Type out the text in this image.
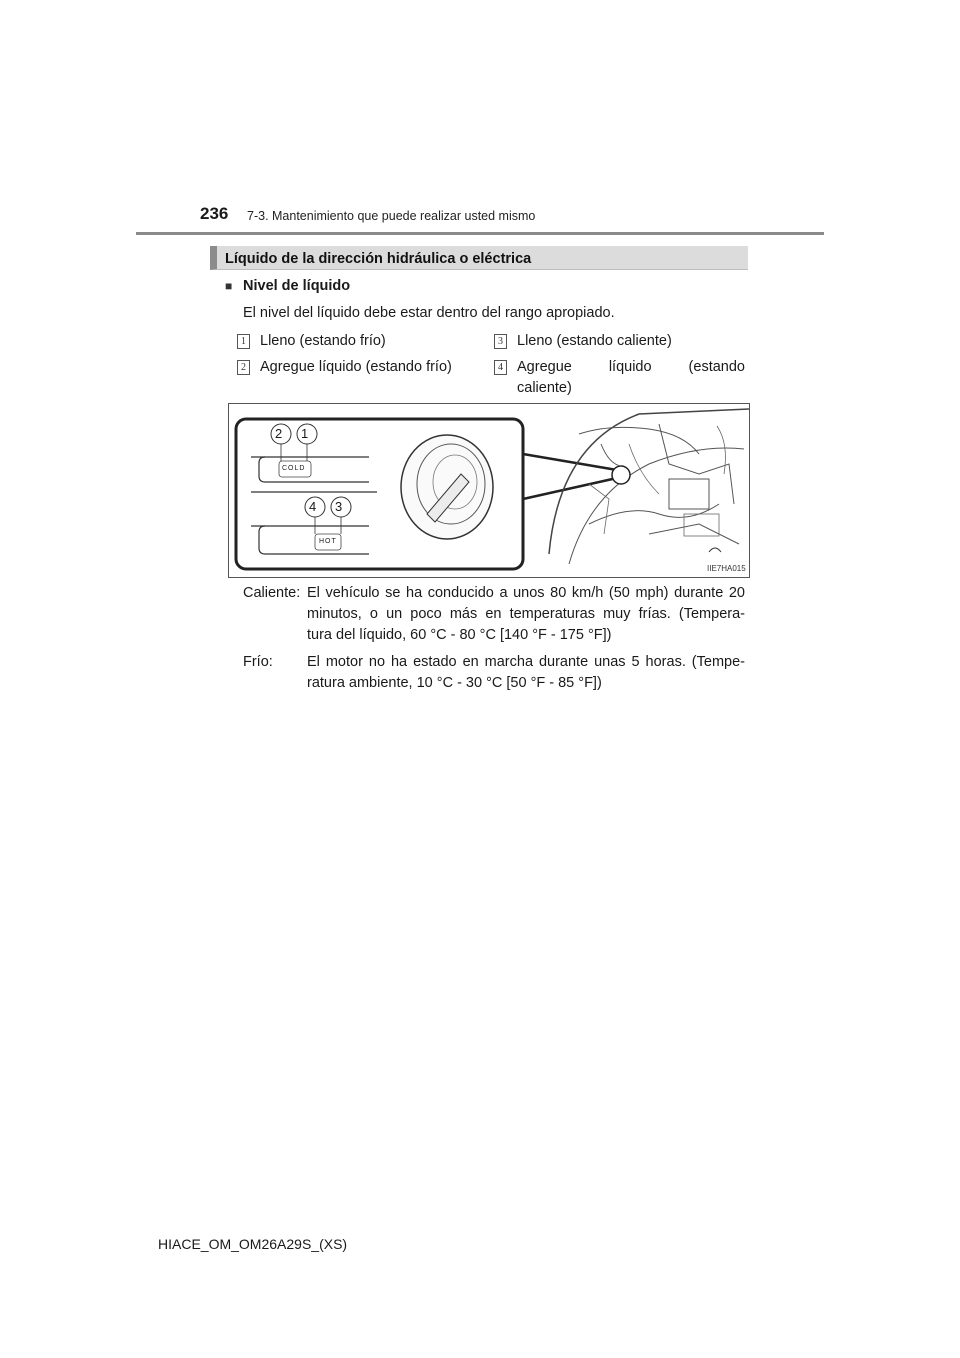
236 7-3. Mantenimiento que puede realizar usted mismo
Líquido de la dirección hidráulica o eléctrica
■ Nivel de líquido
El nivel del líquido debe estar dentro del rango apropiado.
1 Lleno (estando frío)
2 Agregue líquido (estando frío)
3 Lleno (estando caliente)
4 Agregue líquido (estando
caliente)
2 1
4 3
COLD
HOT
IIE7HA015
Caliente: El vehículo se ha conducido a unos 80 km/h (50 mph) durante 20
minutos, o un poco más en temperaturas muy frías. (Tempera-
tura del líquido, 60 °C - 80 °C [140 °F - 175 °F])
Frío: El motor no ha estado en marcha durante unas 5 horas. (Tempe-
ratura ambiente, 10 °C - 30 °C [50 °F - 85 °F])
HIACE_OM_OM26A29S_(XS)
